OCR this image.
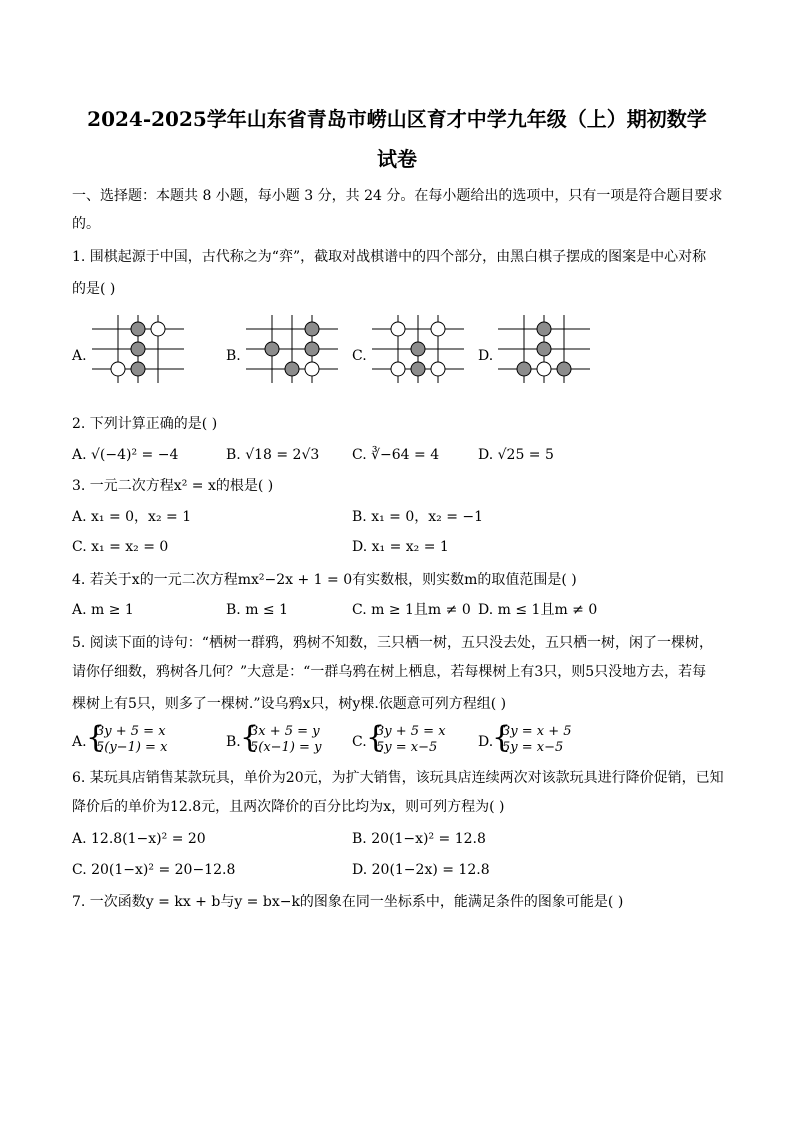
2024-2025学年山东省青岛市崂山区育才中学九年级（上）期初数学
试卷
一、选择题：本题共 8 小题，每小题 3 分，共 24 分。在每小题给出的选项中，只有一项是符合题目要求
的。
1. 围棋起源于中国，古代称之为“弈”，截取对战棋谱中的四个部分，由黑白棋子摆成的图案是中心对称
的是( )
A.	B.	C.	D.
2. 下列计算正确的是( )
A. √(−4)² = −4	B. √18 = 2√3 C. ∛−64 = 4	D. √25 = 5
3. 一元二次方程x² = x的根是( )
A. x₁ = 0，x₂ = 1	B. x₁ = 0，x₂ = −1
C. x₁ = x₂ = 0	D. x₁ = x₂ = 1
4. 若关于x的一元二次方程mx²−2x + 1 = 0有实数根，则实数m的取值范围是( )
A. m ≥ 1	B. m ≤ 1	C. m ≥ 1且m ≠ 0 D. m ≤ 1且m ≠ 0
5. 阅读下面的诗句：“栖树一群鸦，鸦树不知数，三只栖一树，五只没去处，五只栖一树，闲了一棵树，
请你仔细数，鸦树各几何？”大意是：“一群乌鸦在树上栖息，若每棵树上有3只，则5只没地方去，若每
棵树上有5只，则多了一棵树.”设乌鸦x只，树y棵.依题意可列方程组( )
A. {
3y + 5 = x
5(y−1) = x	B. {
3x + 5 = y
5(x−1) = y C. {
3y + 5 = x
5y = x−5	D.
{
3y = x + 5
5y = x−5
6. 某玩具店销售某款玩具，单价为20元，为扩大销售，该玩具店连续两次对该款玩具进行降价促销，已知
降价后的单价为12.8元，且两次降价的百分比均为x，则可列方程为( )
A. 12.8(1−x)² = 20	B. 20(1−x)² = 12.8
C. 20(1−x)² = 20−12.8	D. 20(1−2x) = 12.8
7. 一次函数y = kx + b与y = bx−k的图象在同一坐标系中，能满足条件的图象可能是( )
